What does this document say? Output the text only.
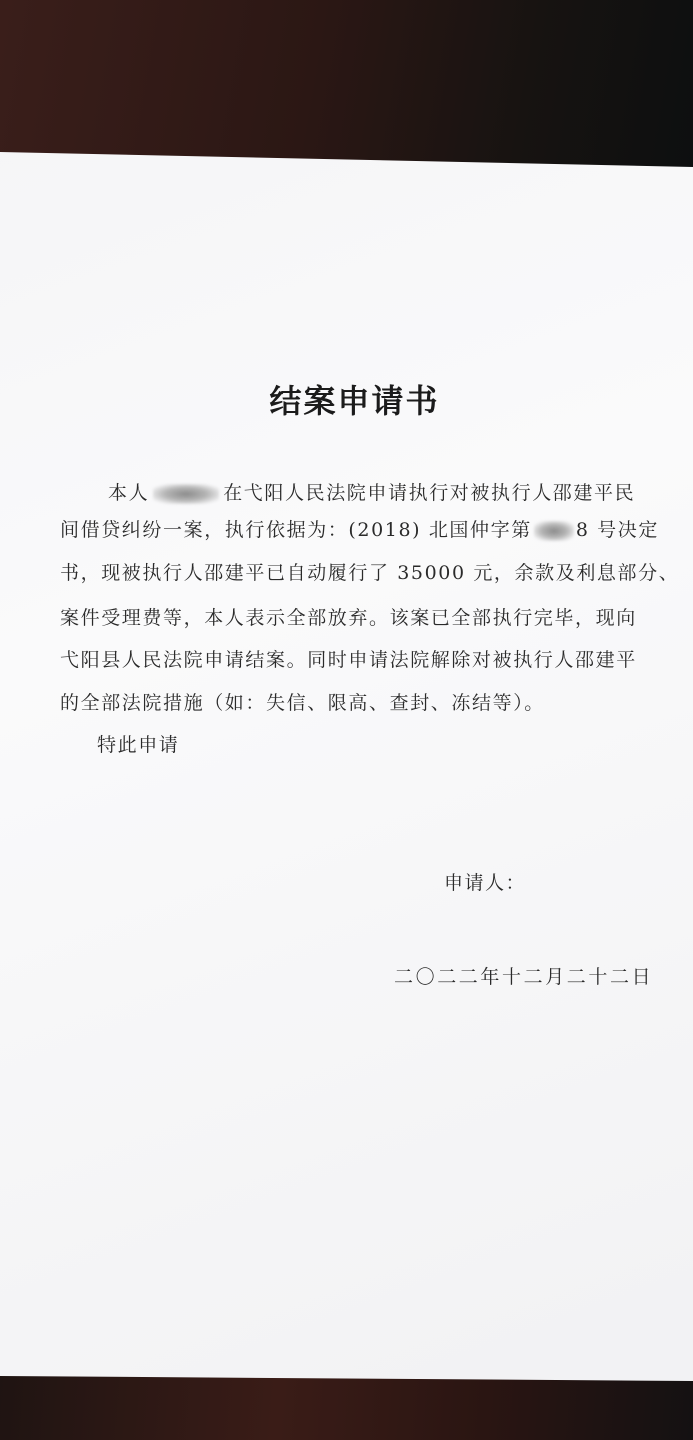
结案申请书
本人	在弋阳人民法院申请执行对被执行人邵建平民
间借贷纠纷一案，执行依据为：(2018) 北国仲字第 8 号决定
书，现被执行人邵建平已自动履行了 35000 元，余款及利息部分、
案件受理费等，本人表示全部放弃。该案已全部执行完毕，现向
弋阳县人民法院申请结案。同时申请法院解除对被执行人邵建平
的全部法院措施（如：失信、限高、查封、冻结等）。
特此申请
申请人：
二〇二二年十二月二十二日
